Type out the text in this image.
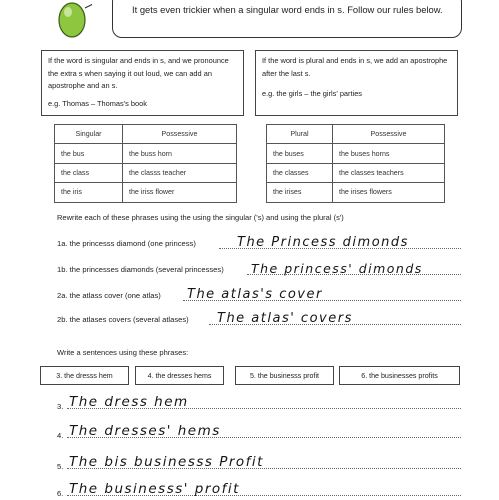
It gets even trickier when a singular word ends in s. Follow our rules below.
If the word is singular and ends in s, and we pronounce the extra s when saying it out loud, we can add an apostrophe and an s.
e.g. Thomas – Thomas's book
If the word is plural and ends in s, we add an apostrophe after the last s.
e.g. the girls – the girls' parties
Singular	Possessive
the bus	the buss horn
the class	the classs teacher
the iris	the iriss flower
Plural	Possessive
the buses	the buses horns
the classes	the classes teachers
the irises	the irises flowers
Rewrite each of these phrases using the using the singular ('s) and using the plural (s')
1a. the princesss diamond (one princess)	The Princess dimonds
1b. the princesses diamonds (several princesses) The princess' dimonds
2a. the atlass cover (one atlas) The atlas's cover
2b. the atlases covers (several atlases) The atlas' covers
Write a sentences using these phrases:
3. the dresss hem	4. the dresses hems	5. the businesss profit	6. the businesses profits
3. The dress hem
4. The dresses' hems
5. The bis businesss Profit
6. The businesss' profit
